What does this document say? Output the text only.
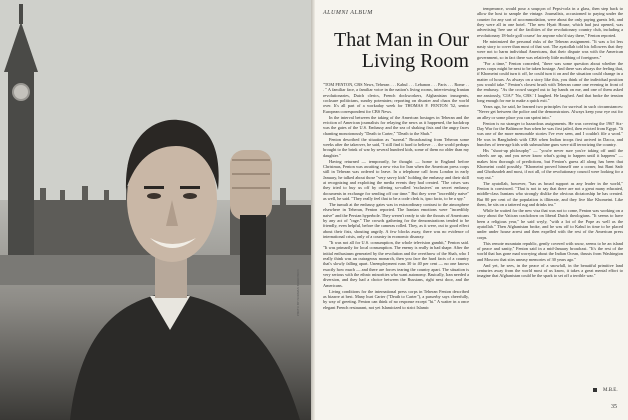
PHOTO BY NORMAN PARKINSON
ALUMNI ALBUM
That Man in Our Living Room

"TOM FENTON, CBS News, Teheran . . . Kabul . . . Lebanon . . . Paris . . . Rome . . . " A familiar face, a familiar voice in the nation's living rooms, interviewing Iranian revolutionaries, Dutch clerics, French dockworkers, Afghanistan insurgents, cocksure politicians, sundry potentates; reporting on disaster and chaos the world over. It's all part of a workaday week for THOMAS F. FENTON '52, senior European correspondent for CBS News.

In the interval between the taking of the American hostages in Teheran and the eviction of American journalists for relaying the news as it happened, the backdrop was the gates of the U.S. Embassy and the sea of shaking fists and the angry faces chanting monotonously "Death to Carter," "Death to the Shah."

Fenton described the situation as "surreal." Broadcasting from Teheran some weeks after the takeover, he said, "I still find it hard to believe . . . the world perhaps brought to the brink of war by several hundred kids, some of them no older than my daughter."

Having returned — temporarily, he thought — home to England before Christmas, Fenton was awaiting a new visa for Iran when the American press corps still in Teheran was ordered to leave. In a telephone call from London in early January, he talked about those "very savvy kids" holding the embassy and their skill at recognizing and exploiting the media events they had created. "The crises was they tried to buy us off by offering so-called 'exclusives' on secret embassy documents in exchange for sending off our time." But they were "incredibly naive" as well, he said. "They really feel that to be a code clerk is, ipso facto, to be a spy."

The tumult at the embassy gates was in extraordinary contrast to the atmosphere elsewhere in Teheran, Fenton reported. The Iranian emotions were "incredibly naive" and the Persian hyperbole. They weren't ready to stir the throats of Americans by any act of "rage." The crowds gathering for the demonstrations tended to be friendly, even helpful, before the cameras rolled. They, as it were, out to good effect about their fists, shouting angrily. A few blocks away, there was no evidence of international crisis, only of a country in economic disarray.

"It was not all for U.S. consumption, the whole television gambit," Fenton said. "It was primarily for local consumption. The enemy is really in bad shape. After the initial enthusiasm generated by the revolution and the overthrow of the Shah, who I really think was an outrageous monarch, then you face the hard facts of a country that's slowly falling apart. Unemployment runs 30 to 40 per cent — no one knows exactly how much — and there are forces tearing the country apart. The situation is very serious with the ethnic minorities who want autonomy. Basically, Iran needed a diversion, and they had a choice between the Russians, right next door, and the Americans.

Living conditions for the international press corps in Teheran Fenton described as bizarre at best. Many hurt Carter ("Death to Carter"), a passerby says cheerfully, by way of greeting. Fenton can think of no response except "hi." A waiter in a once elegant French restaurant, not yet Islamicized to strict Islamic

temperance, would pour a soupçon of Pepsi-cola in a glass, then step back to allow the host to sample the vintage. Journalists, accustomed to paying under the counter for any sort of accommodation, were about the only paying guests left, and they were all in one hotel. "The new Hyatt House, which had just opened, was advertising 'free use of the facilities of the revolutionary country club, including a revolutionary 18-hole golf course' for anyone who'd stay there," Fenton reported.

He minimized the personal risks of the Teheran assignment. "It was a lot less nasty story to cover than most of that sort. The ayatollah told his followers that they were not to harm individual Americans, that their dispute was with the American government, so in fact there was relatively little mobbing of foreigners."

"For a time," Fenton conceded, "there was some question about whether the press corps might be next to be taken hostage. And there was always the feeling that, if Khomeini could turn it off, he could turn it on and the situation could change in a matter of hours. As always on a story like this, you think of the individual position you would take." Fenton's closest brush with Teheran came one evening in front of the embassy. "As the crowd surged out to lay hands on me, and one of them asked me anxiously, 'CIA?' 'No, CBS.' I laughed. He laughed. And that broke the tension long enough for me to make a quick exit."

Years ago, he said, he learned two principles for survival in such circumstances: "Never get between the police and the demonstrators. Always keep your eye out for an alley or some place you can sprint into."

Fenton is no stranger to hazardous assignments. He was covering the 1967 Six-Day War for the Baltimore Sun when he was first jailed, then evicted from Egypt. "It was one of the more memorable stories I've ever seen, and I couldn't file a word." He was in Bangladesh with CBS when Indian troops first arrived in Dacca, and bunches of teen-age kids with submachine guns were still terrorizing the country.

His "shoot-up philosophy" — "you're never sure you're taking off until the wheels are up, and you never know what's going to happen until it happens" — makes him thorough of predictions, but Fenton's guess all along has been that Khomeini could possibly. "Khomeini proved himself one a corner, but Bani Sadr and Ghotbzadeh and most, if not all, of the revolutionary council were looking for a way out."

The ayatollah, however, "has as broad support as any leader in the world," Fenton is convinced. "That is not to say that there are not a great many educated, middle-class Iranians who strongly dislike the obvious dictatorship he has created. But 80 per cent of the population is illiterate, and they live like Khomeini. Like them, he sits on a tattered rug and drinks tea."

While he waited for the new visa that was not to come, Fenton was working on a story about the Vatican crackdown on liberal Dutch theologians. "It seems to have been a religious year," he said wryly, "with a lot of the Pope as well as the ayatollah." Then Afghanistan broke, and he was off to Kabul in time to be placed under under house arrest and then expelled with the rest of the American press corps.

This remote mountain republic, gently covered with snow, seems to be an island of peace and sanity," Fenton said in a mid-January broadcast. "It's the rest of the world that has gone mad worrying about the Indian Ocean, thrusts from Washington and Moscow that stirs uneasy memories of 30 years ago."

And yet, he sees, in the peace of a snowfall, in the beautiful primitive land centuries away from the world most of us know, it takes a great mental effort to imagine that Afghanistan could be the spark to set off a terrible war."

M.B.E.
35
